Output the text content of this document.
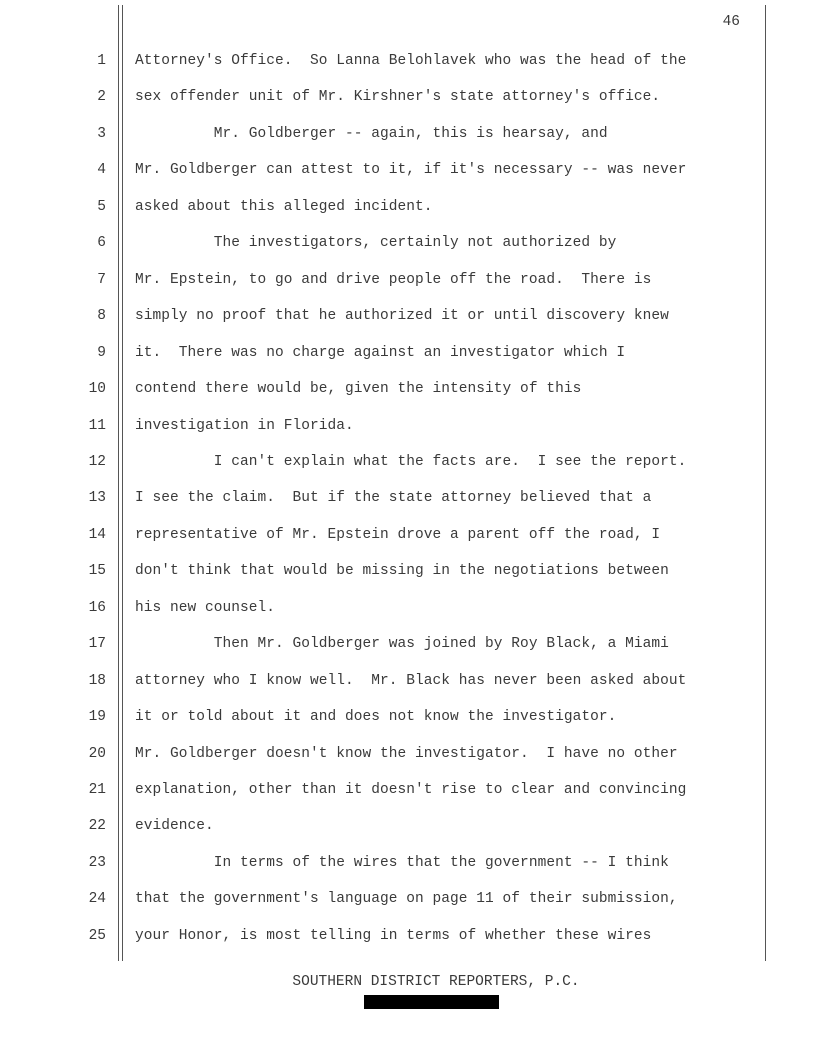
46
1 Attorney's Office.  So Lanna Belohlavek who was the head of the
2 sex offender unit of Mr. Kirshner's state attorney's office.
3 Mr. Goldberger -- again, this is hearsay, and
4 Mr. Goldberger can attest to it, if it's necessary -- was never
5 asked about this alleged incident.
6 The investigators, certainly not authorized by
7 Mr. Epstein, to go and drive people off the road.  There is
8 simply no proof that he authorized it or until discovery knew
9 it.  There was no charge against an investigator which I
10 contend there would be, given the intensity of this
11 investigation in Florida.
12 I can't explain what the facts are.  I see the report.
13 I see the claim.  But if the state attorney believed that a
14 representative of Mr. Epstein drove a parent off the road, I
15 don't think that would be missing in the negotiations between
16 his new counsel.
17 Then Mr. Goldberger was joined by Roy Black, a Miami
18 attorney who I know well.  Mr. Black has never been asked about
19 it or told about it and does not know the investigator.
20 Mr. Goldberger doesn't know the investigator.  I have no other
21 explanation, other than it doesn't rise to clear and convincing
22 evidence.
23 In terms of the wires that the government -- I think
24 that the government's language on page 11 of their submission,
25 your Honor, is most telling in terms of whether these wires
SOUTHERN DISTRICT REPORTERS, P.C.
